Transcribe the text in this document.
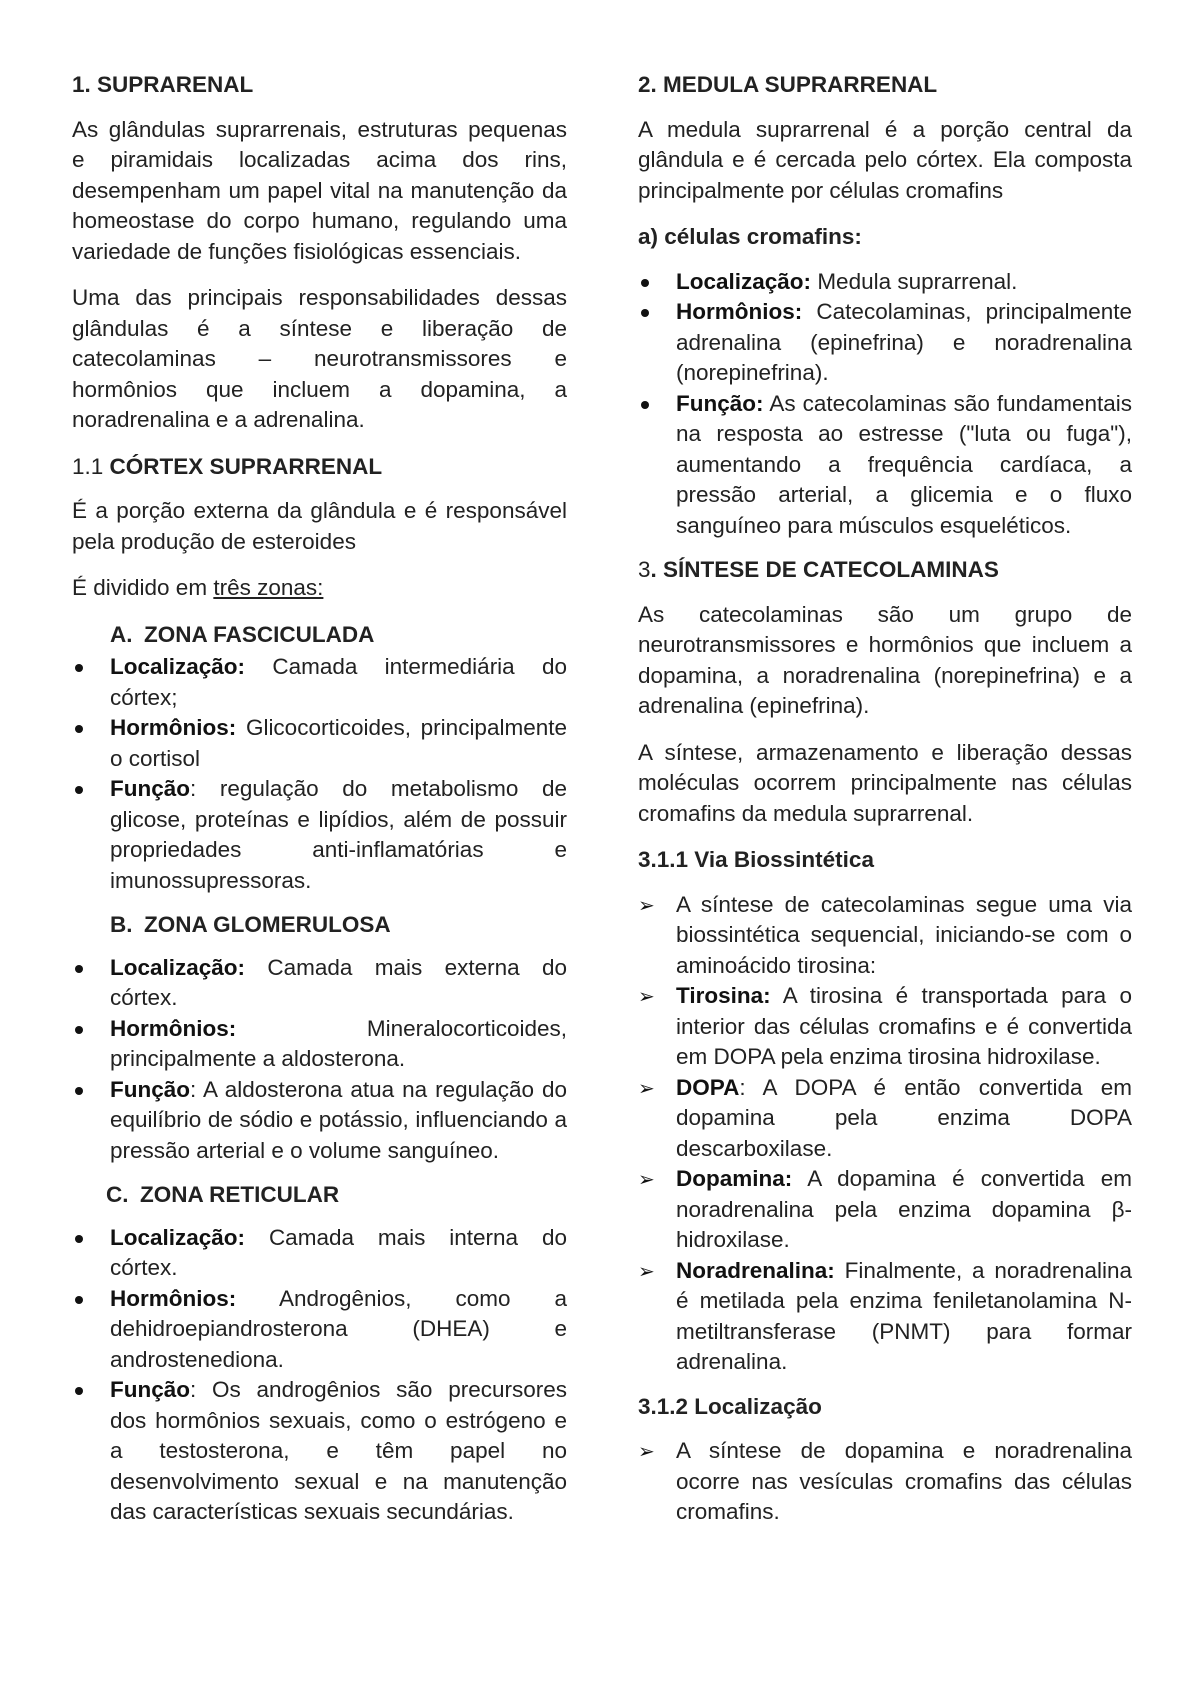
1. SUPRARENAL

As glândulas suprarrenais, estruturas pequenas e piramidais localizadas acima dos rins, desempenham um papel vital na manutenção da homeostase do corpo humano, regulando uma variedade de funções fisiológicas essenciais.

Uma das principais responsabilidades dessas glândulas é a síntese e liberação de catecolaminas – neurotransmissores e hormônios que incluem a dopamina, a noradrenalina e a adrenalina.

1.1 CÓRTEX SUPRARRENAL

É a porção externa da glândula e é responsável pela produção de esteroides

É dividido em três zonas:

A. ZONA FASCICULADA
Localização: Camada intermediária do córtex;
Hormônios: Glicocorticoides, principalmente o cortisol
Função: regulação do metabolismo de glicose, proteínas e lipídios, além de possuir propriedades anti-inflamatórias e imunossupressoras.
B. ZONA GLOMERULOSA
Localização: Camada mais externa do córtex.
Hormônios:	Mineralocorticoides, principalmente a aldosterona.
Função: A aldosterona atua na regulação do equilíbrio de sódio e potássio, influenciando a pressão arterial e o volume sanguíneo.
C. ZONA RETICULAR
Localização: Camada mais interna do córtex.
Hormônios: Androgênios, como a dehidroepiandrosterona (DHEA) e androstenediona.
Função: Os androgênios são precursores dos hormônios sexuais, como o estrógeno e a testosterona, e têm papel no desenvolvimento sexual e na manutenção das características sexuais secundárias.
2. MEDULA SUPRARRENAL

A medula suprarrenal é a porção central da glândula e é cercada pelo córtex. Ela composta principalmente por células cromafins

a) células cromafins:
Localização: Medula suprarrenal.
Hormônios: Catecolaminas, principalmente adrenalina (epinefrina) e noradrenalina (norepinefrina).
Função: As catecolaminas são fundamentais na resposta ao estresse ("luta ou fuga"), aumentando a frequência cardíaca, a pressão arterial, a glicemia e o fluxo sanguíneo para músculos esqueléticos.
3. SÍNTESE DE CATECOLAMINAS

As catecolaminas são um grupo de neurotransmissores e hormônios que incluem a dopamina, a noradrenalina (norepinefrina) e a adrenalina (epinefrina).

A síntese, armazenamento e liberação dessas moléculas ocorrem principalmente nas células cromafins da medula suprarrenal.

3.1.1 Via Biossintética
➢ A síntese de catecolaminas segue uma via biossintética sequencial, iniciando-se com o aminoácido tirosina:
➢ Tirosina: A tirosina é transportada para o interior das células cromafins e é convertida em DOPA pela enzima tirosina hidroxilase.
➢ DOPA: A DOPA é então convertida em dopamina pela enzima DOPA descarboxilase.
➢ Dopamina: A dopamina é convertida em noradrenalina pela enzima dopamina β-hidroxilase.
➢ Noradrenalina: Finalmente, a noradrenalina é metilada pela enzima feniletanolamina N-metiltransferase (PNMT) para formar adrenalina.
3.1.2 Localização
➢ A síntese de dopamina e noradrenalina ocorre nas vesículas cromafins das células cromafins.
